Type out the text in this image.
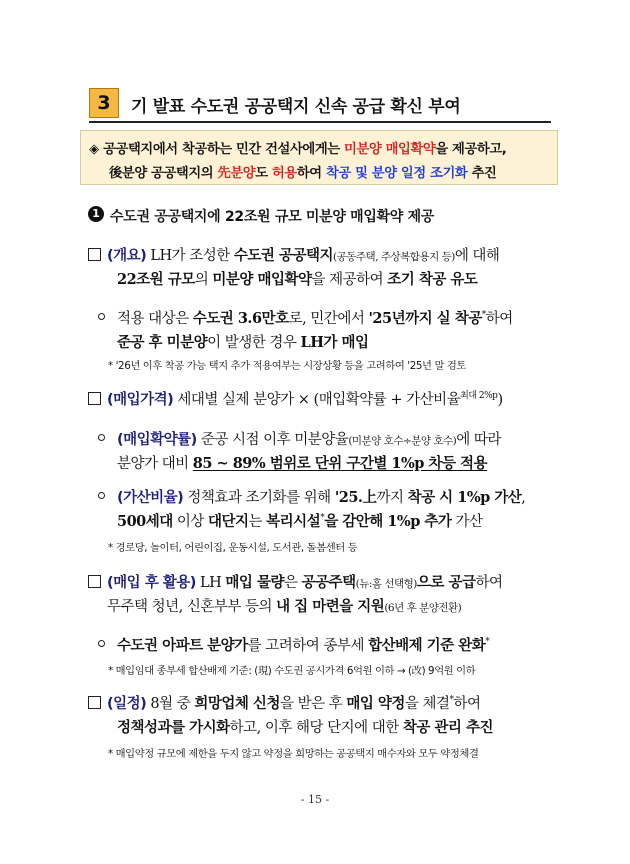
3	기 발표 수도권 공공택지 신속 공급 확신 부여
◈ 공공택지에서 착공하는 민간 건설사에게는 미분양 매입확약을 제공하고,
後분양 공공택지의 先분양도 허용하여 착공 및 분양 일정 조기화 추진
1 수도권 공공택지에 22조원 규모 미분양 매입확약 제공
(개요) LH가 조성한 수도권 공공택지(공동주택, 주상복합용지 등)에 대해
22조원 규모의 미분양 매입확약을 제공하여 조기 착공 유도
적용 대상은 수도권 3.6만호로, 민간에서 '25년까지 실 착공*하여
준공 후 미분양이 발생한 경우 LH가 매입
* '26년 이후 착공 가능 택지 추가 적용여부는 시장상황 등을 고려하여 '25년 말 검토
(매입가격) 세대별 실제 분양가 × (매입확약률 + 가산비율$^{최대 2\%p}$)
(매입확약률) 준공 시점 이후 미분양율(미분양 호수÷분양 호수)에 따라
분양가 대비 85 ~ 89% 범위로 단위 구간별 1%p 차등 적용
(가산비율) 정책효과 조기화를 위해 '25.上까지 착공 시 1%p 가산,
500세대 이상 대단지는 복리시설*을 감안해 1%p 추가 가산
* 경로당, 놀이터, 어린이집, 운동시설, 도서관, 돌봄센터 등
(매입 후 활용) LH 매입 물량은 공공주택(뉴:홈 선택형)으로 공급하여
무주택 청년, 신혼부부 등의 내 집 마련을 지원(6년 후 분양전환)
수도권 아파트 분양가를 고려하여 종부세 합산배제 기준 완화*
* 매입임대 종부세 합산배제 기준: (現) 수도권 공시가격 6억원 이하 → (改) 9억원 이하
(일정) 8월 중 희망업체 신청을 받은 후 매입 약정을 체결*하여
정책성과를 가시화하고, 이후 해당 단지에 대한 착공 관리 추진
* 매입약정 규모에 제한을 두지 않고 약정을 희망하는 공공택지 매수자와 모두 약정체결
- 15 -
